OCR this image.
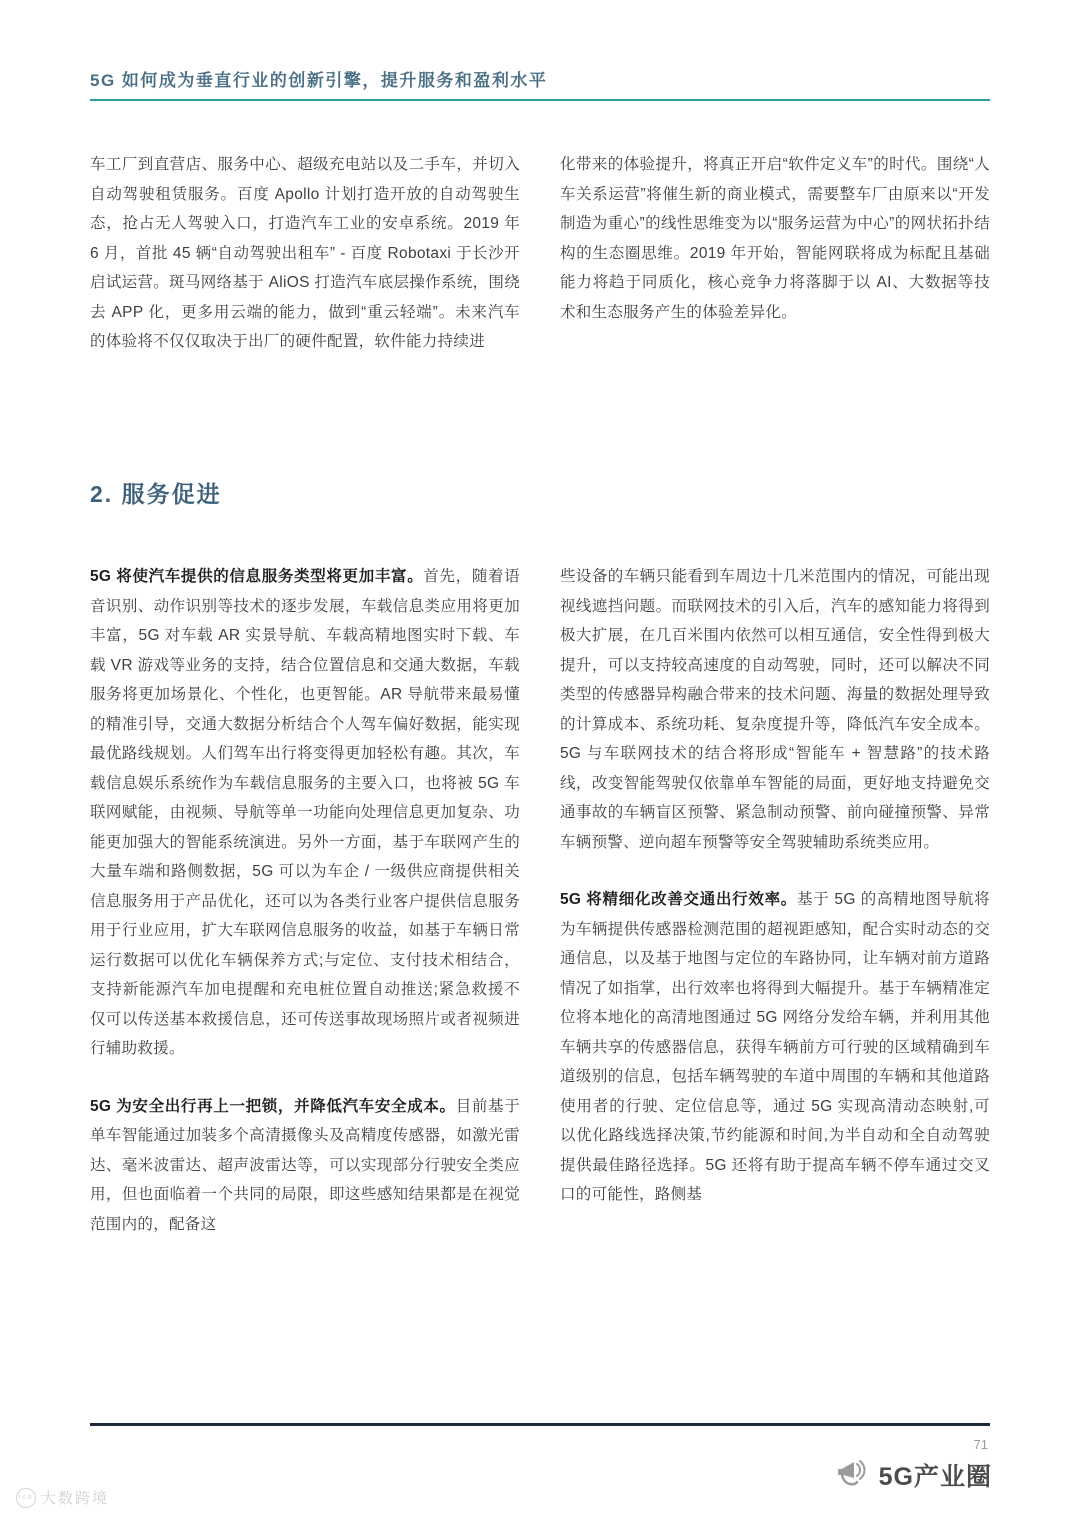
5G 如何成为垂直行业的创新引擎，提升服务和盈利水平

车工厂到直营店、服务中心、超级充电站以及二手车，并切入自动驾驶租赁服务。百度 Apollo 计划打造开放的自动驾驶生态，抢占无人驾驶入口，打造汽车工业的安卓系统。2019 年 6 月，首批 45 辆“自动驾驶出租车” - 百度 Robotaxi 于长沙开启试运营。斑马网络基于 AliOS 打造汽车底层操作系统，围绕去 APP 化，更多用云端的能力，做到“重云轻端”。未来汽车的体验将不仅仅取决于出厂的硬件配置，软件能力持续进

化带来的体验提升，将真正开启“软件定义车”的时代。围绕“人车关系运营”将催生新的商业模式，需要整车厂由原来以“开发制造为重心”的线性思维变为以“服务运营为中心”的网状拓扑结构的生态圈思维。2019 年开始，智能网联将成为标配且基础能力将趋于同质化，核心竞争力将落脚于以 AI、大数据等技术和生态服务产生的体验差异化。

2. 服务促进

5G 将使汽车提供的信息服务类型将更加丰富。首先，随着语音识别、动作识别等技术的逐步发展，车载信息类应用将更加丰富，5G 对车载 AR 实景导航、车载高精地图实时下载、车载 VR 游戏等业务的支持，结合位置信息和交通大数据，车载服务将更加场景化、个性化，也更智能。AR 导航带来最易懂的精准引导，交通大数据分析结合个人驾车偏好数据，能实现最优路线规划。人们驾车出行将变得更加轻松有趣。其次，车载信息娱乐系统作为车载信息服务的主要入口，也将被 5G 车联网赋能，由视频、导航等单一功能向处理信息更加复杂、功能更加强大的智能系统演进。另外一方面，基于车联网产生的大量车端和路侧数据，5G 可以为车企 / 一级供应商提供相关信息服务用于产品优化，还可以为各类行业客户提供信息服务用于行业应用，扩大车联网信息服务的收益，如基于车辆日常运行数据可以优化车辆保养方式;与定位、支付技术相结合，支持新能源汽车加电提醒和充电桩位置自动推送;紧急救援不仅可以传送基本救援信息，还可传送事故现场照片或者视频进行辅助救援。

5G 为安全出行再上一把锁，并降低汽车安全成本。目前基于单车智能通过加装多个高清摄像头及高精度传感器，如激光雷达、毫米波雷达、超声波雷达等，可以实现部分行驶安全类应用，但也面临着一个共同的局限，即这些感知结果都是在视觉范围内的，配备这

些设备的车辆只能看到车周边十几米范围内的情况，可能出现视线遮挡问题。而联网技术的引入后，汽车的感知能力将得到极大扩展，在几百米围内依然可以相互通信，安全性得到极大提升，可以支持较高速度的自动驾驶，同时，还可以解决不同类型的传感器异构融合带来的技术问题、海量的数据处理导致的计算成本、系统功耗、复杂度提升等，降低汽车安全成本。5G 与车联网技术的结合将形成“智能车 + 智慧路”的技术路线，改变智能驾驶仅依靠单车智能的局面，更好地支持避免交通事故的车辆盲区预警、紧急制动预警、前向碰撞预警、异常车辆预警、逆向超车预警等安全驾驶辅助系统类应用。

5G 将精细化改善交通出行效率。基于 5G 的高精地图导航将为车辆提供传感器检测范围的超视距感知，配合实时动态的交通信息，以及基于地图与定位的车路协同，让车辆对前方道路情况了如指掌，出行效率也将得到大幅提升。基于车辆精准定位将本地化的高清地图通过 5G 网络分发给车辆，并利用其他车辆共享的传感器信息，获得车辆前方可行驶的区域精确到车道级别的信息，包括车辆驾驶的车道中周围的车辆和其他道路使用者的行驶、定位信息等，通过 5G 实现高清动态映射,可以优化路线选择决策,节约能源和时间,为半自动和全自动驾驶提供最佳路径选择。5G 还将有助于提高车辆不停车通过交叉口的可能性，路侧基

71
5G产业圈
ico 大数跨境
